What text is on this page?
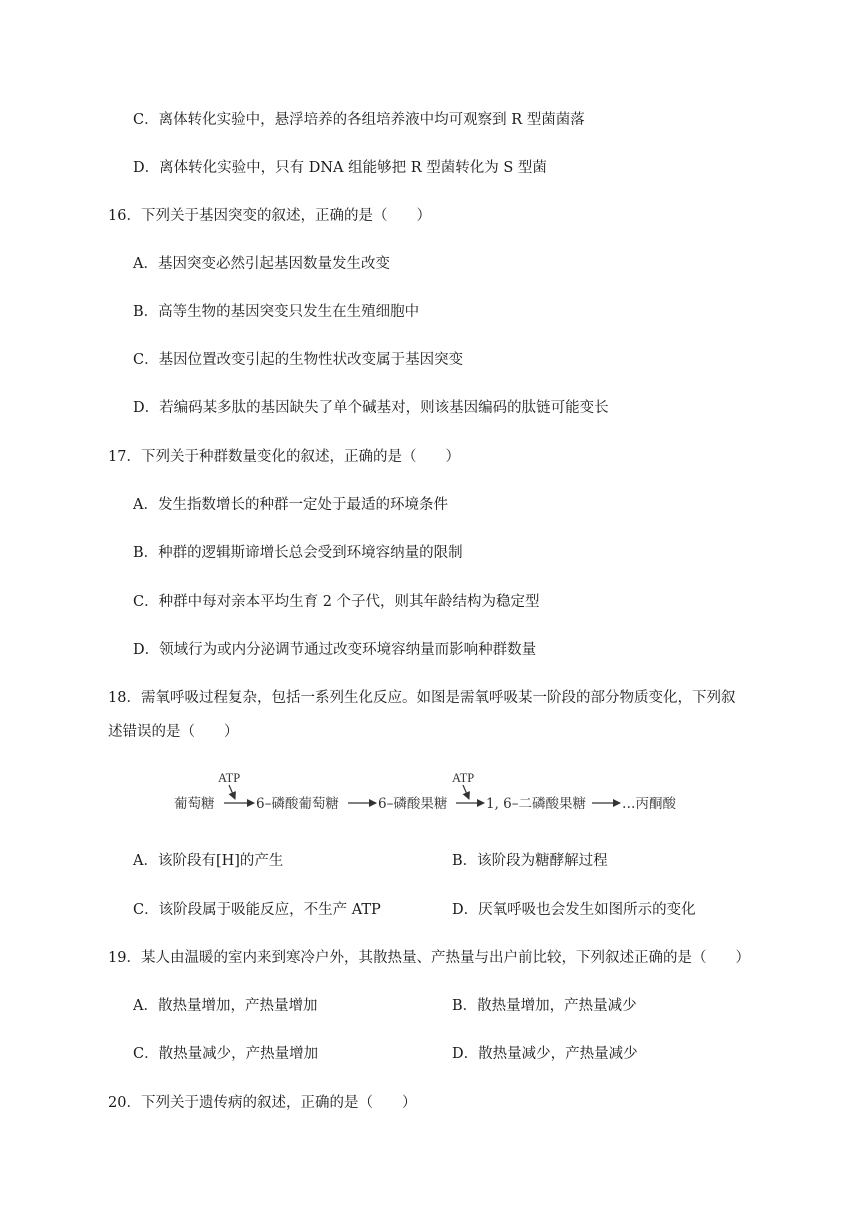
C．离体转化实验中，悬浮培养的各组培养液中均可观察到 R 型菌菌落
D．离体转化实验中，只有 DNA 组能够把 R 型菌转化为 S 型菌
16．下列关于基因突变的叙述，正确的是（　　）
A．基因突变必然引起基因数量发生改变
B．高等生物的基因突变只发生在生殖细胞中
C．基因位置改变引起的生物性状改变属于基因突变
D．若编码某多肽的基因缺失了单个碱基对，则该基因编码的肽链可能变长
17．下列关于种群数量变化的叙述，正确的是（　　）
A．发生指数增长的种群一定处于最适的环境条件
B．种群的逻辑斯谛增长总会受到环境容纳量的限制
C．种群中每对亲本平均生育 2 个子代，则其年龄结构为稳定型
D．领域行为或内分泌调节通过改变环境容纳量而影响种群数量
18．需氧呼吸过程复杂，包括一系列生化反应。如图是需氧呼吸某一阶段的部分物质变化，下列叙
述错误的是（　　）
ATP	ATP
葡萄糖	6–磷酸葡萄糖	6–磷酸果糖	1, 6–二磷酸果糖	…丙酮酸
A．该阶段有[H]的产生	B．该阶段为糖酵解过程
C．该阶段属于吸能反应，不生产 ATP	D．厌氧呼吸也会发生如图所示的变化
19．某人由温暖的室内来到寒冷户外，其散热量、产热量与出户前比较，下列叙述正确的是（　　）
A．散热量增加，产热量增加	B．散热量增加，产热量减少
C．散热量减少，产热量增加	D．散热量减少，产热量减少
20．下列关于遗传病的叙述，正确的是（　　）
